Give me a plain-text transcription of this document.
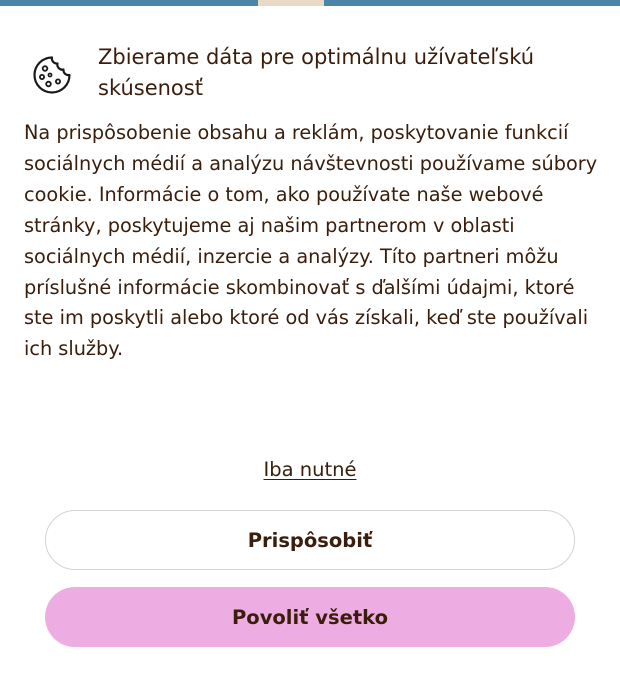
Zbierame dáta pre optimálnu užívateľskú skúsenosť

Na prispôsobenie obsahu a reklám, poskytovanie funkcií sociálnych médií a analýzu návštevnosti používame súbory cookie. Informácie o tom, ako používate naše webové stránky, poskytujeme aj našim partnerom v oblasti sociálnych médií, inzercie a analýzy. Títo partneri môžu príslušné informácie skombinovať s ďalšími údajmi, ktoré ste im poskytli alebo ktoré od vás získali, keď ste používali ich služby.

Iba nutné
Prispôsobiť
Povoliť všetko
